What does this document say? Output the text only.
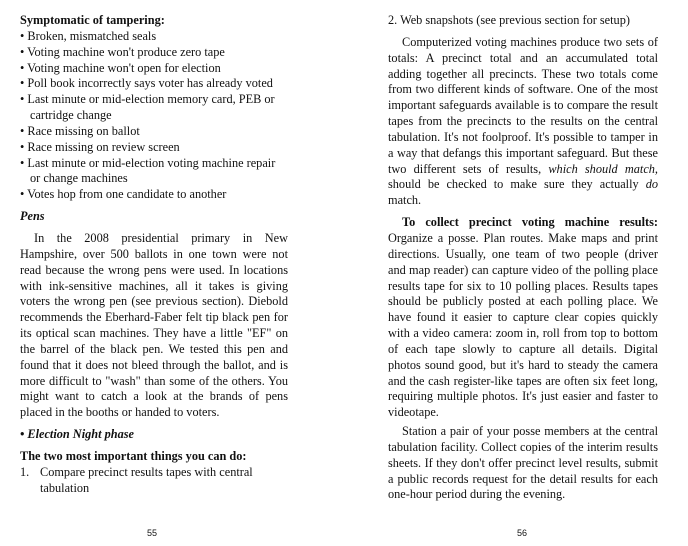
Symptomatic of tampering:
• Broken, mismatched seals
• Voting machine won't produce zero tape
• Voting machine won't open for election
• Poll book incorrectly says voter has already voted
• Last minute or mid-election memory card, PEB or cartridge change
• Race missing on ballot
• Race missing on review screen
• Last minute or mid-election voting machine repair or change machines
• Votes hop from one candidate to another
Pens

In the 2008 presidential primary in New Hampshire, over 500 ballots in one town were not read because the wrong pens were used. In locations with ink-sensitive machines, all it takes is giving voters the wrong pen (see previous section). Diebold recommends the Eberhard-Faber felt tip black pen for its optical scan machines. They have a little "EF" on the barrel of the black pen. We tested this pen and found that it does not bleed through the ballot, and is more difficult to "wash" than some of the others. You might want to catch a look at the brands of pens placed in the booths or handed to voters.

• Election Night phase
The two most important things you can do:
1. Compare precinct results tapes with central tabulation
55
2. Web snapshots (see previous section for setup)

Computerized voting machines produce two sets of totals: A precinct total and an accumulated total adding together all precincts. These two totals come from two different kinds of software. One of the most important safeguards available is to compare the result tapes from the precincts to the results on the central tabulation. It's not foolproof. It's possible to tamper in a way that defangs this important safeguard. But these two different sets of results, which should match, should be checked to make sure they actually do match.

To collect precinct voting machine results: Organize a posse. Plan routes. Make maps and print directions. Usually, one team of two people (driver and map reader) can capture video of the polling place results tape for six to 10 polling places. Results tapes should be publicly posted at each polling place. We have found it easier to capture clear copies quickly with a video camera: zoom in, roll from top to bottom of each tape slowly to capture all details. Digital photos sound good, but it's hard to steady the camera and the cash register-like tapes are often six feet long, requiring multiple photos. It's just easier and faster to videotape.

Station a pair of your posse members at the central tabulation facility. Collect copies of the interim results sheets. If they don't offer precinct level results, submit a public records request for the detail results for each one-hour period during the evening.

56
